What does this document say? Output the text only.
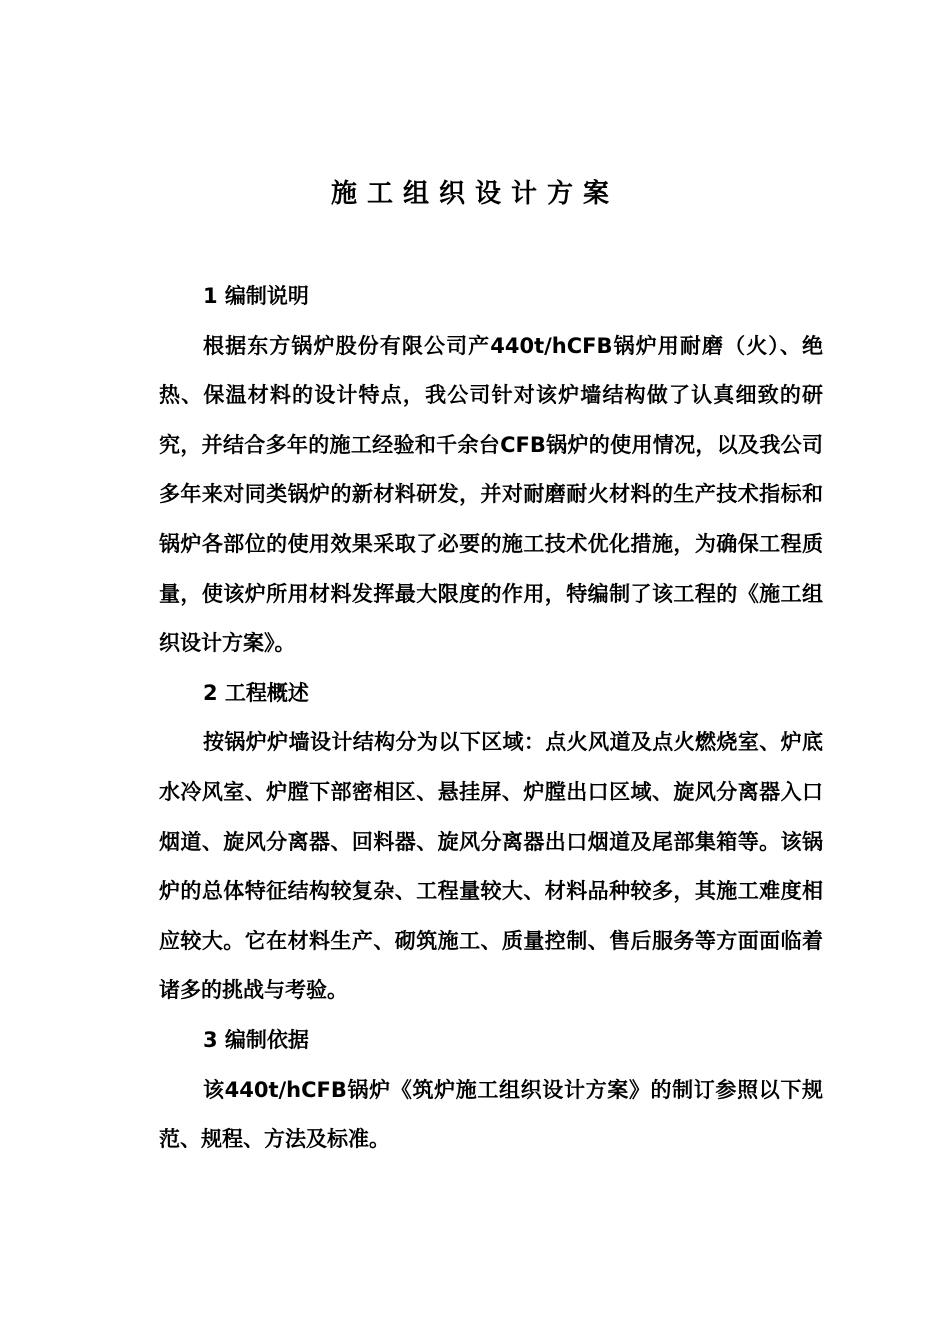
施工组织设计方案

1 编制说明

根据东方锅炉股份有限公司产440t/hCFB锅炉用耐磨（火）、绝热、保温材料的设计特点，我公司针对该炉墙结构做了认真细致的研究，并结合多年的施工经验和千余台CFB锅炉的使用情况，以及我公司多年来对同类锅炉的新材料研发，并对耐磨耐火材料的生产技术指标和锅炉各部位的使用效果采取了必要的施工技术优化措施，为确保工程质量，使该炉所用材料发挥最大限度的作用，特编制了该工程的《施工组织设计方案》。

2 工程概述

按锅炉炉墙设计结构分为以下区域：点火风道及点火燃烧室、炉底水冷风室、炉膛下部密相区、悬挂屏、炉膛出口区域、旋风分离器入口烟道、旋风分离器、回料器、旋风分离器出口烟道及尾部集箱等。该锅炉的总体特征结构较复杂、工程量较大、材料品种较多，其施工难度相应较大。它在材料生产、砌筑施工、质量控制、售后服务等方面面临着诸多的挑战与考验。

3 编制依据

该440t/hCFB锅炉《筑炉施工组织设计方案》的制订参照以下规范、规程、方法及标准。
